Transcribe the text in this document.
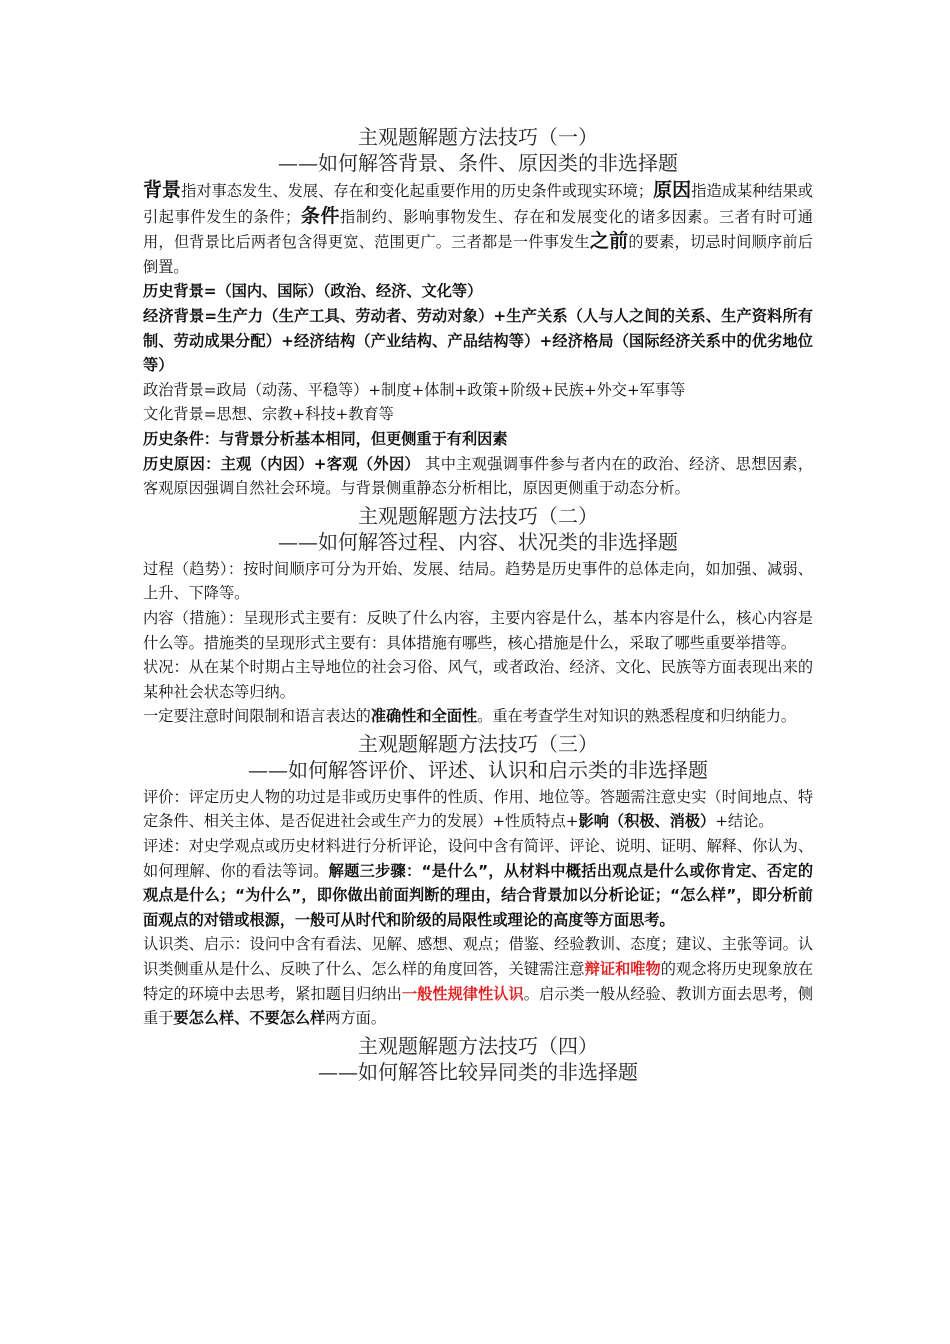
主观题解题方法技巧（一）
——如何解答背景、条件、原因类的非选择题

背景指对事态发生、发展、存在和变化起重要作用的历史条件或现实环境；原因指造成某种结果或引起事件发生的条件；条件指制约、影响事物发生、存在和发展变化的诸多因素。三者有时可通用，但背景比后两者包含得更宽、范围更广。三者都是一件事发生之前的要素，切忌时间顺序前后倒置。

历史背景=（国内、国际）（政治、经济、文化等）

经济背景=生产力（生产工具、劳动者、劳动对象）+生产关系（人与人之间的关系、生产资料所有制、劳动成果分配）+经济结构（产业结构、产品结构等）+经济格局（国际经济关系中的优劣地位等）

政治背景=政局（动荡、平稳等）+制度+体制+政策+阶级+民族+外交+军事等

文化背景=思想、宗教+科技+教育等

历史条件：与背景分析基本相同，但更侧重于有利因素

历史原因：主观（内因）+客观（外因） 其中主观强调事件参与者内在的政治、经济、思想因素，客观原因强调自然社会环境。与背景侧重静态分析相比，原因更侧重于动态分析。

主观题解题方法技巧（二）
——如何解答过程、内容、状况类的非选择题

过程（趋势）：按时间顺序可分为开始、发展、结局。趋势是历史事件的总体走向，如加强、减弱、上升、下降等。

内容（措施）：呈现形式主要有：反映了什么内容，主要内容是什么，基本内容是什么，核心内容是什么等。措施类的呈现形式主要有：具体措施有哪些，核心措施是什么，采取了哪些重要举措等。

状况：从在某个时期占主导地位的社会习俗、风气，或者政治、经济、文化、民族等方面表现出来的某种社会状态等归纳。

一定要注意时间限制和语言表达的准确性和全面性。重在考查学生对知识的熟悉程度和归纳能力。

主观题解题方法技巧（三）
——如何解答评价、评述、认识和启示类的非选择题

评价：评定历史人物的功过是非或历史事件的性质、作用、地位等。答题需注意史实（时间地点、特定条件、相关主体、是否促进社会或生产力的发展）+性质特点+影响（积极、消极）+结论。

评述：对史学观点或历史材料进行分析评论，设问中含有简评、评论、说明、证明、解释、你认为、如何理解、你的看法等词。解题三步骤：“是什么”，从材料中概括出观点是什么或你肯定、否定的观点是什么；“为什么”，即你做出前面判断的理由，结合背景加以分析论证；“怎么样”，即分析前面观点的对错或根源，一般可从时代和阶级的局限性或理论的高度等方面思考。

认识类、启示：设问中含有看法、见解、感想、观点；借鉴、经验教训、态度；建议、主张等词。认识类侧重从是什么、反映了什么、怎么样的角度回答，关键需注意辩证和唯物的观念将历史现象放在特定的环境中去思考，紧扣题目归纳出一般性规律性认识。启示类一般从经验、教训方面去思考，侧重于要怎么样、不要怎么样两方面。

主观题解题方法技巧（四）
——如何解答比较异同类的非选择题
